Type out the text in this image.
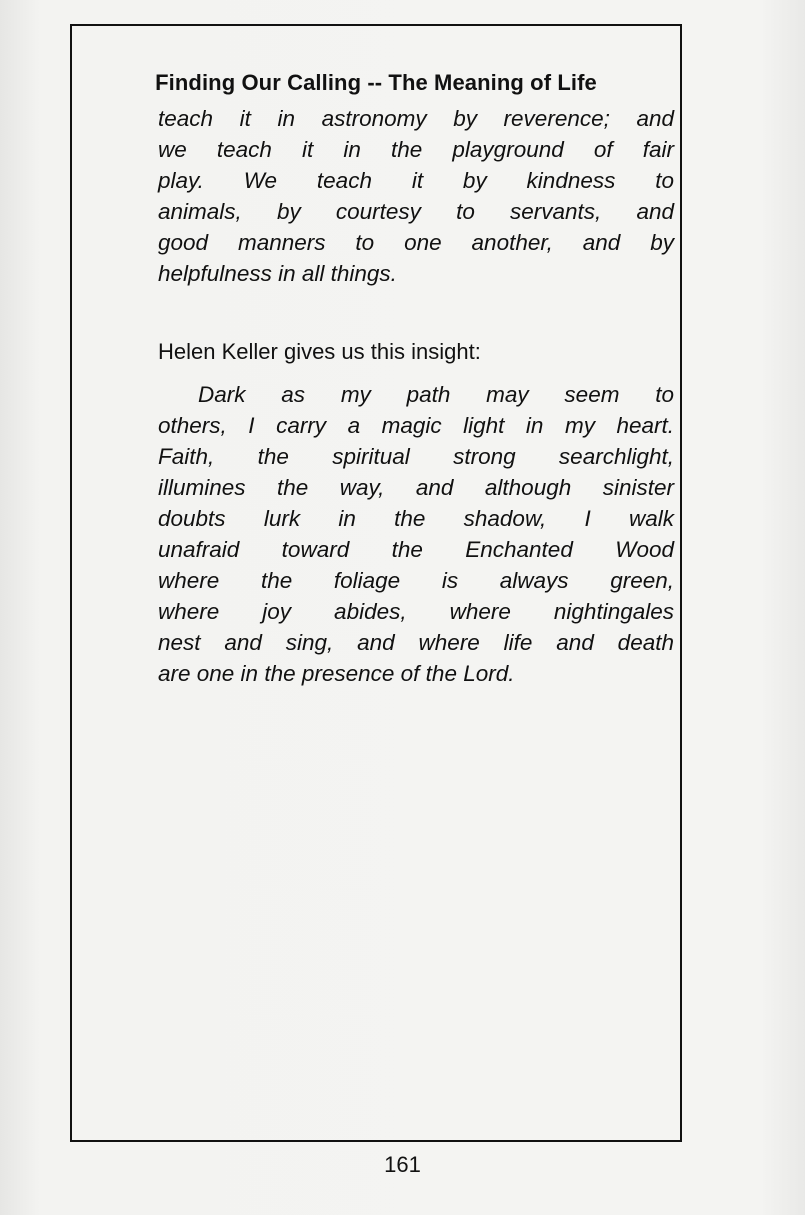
Finding Our Calling -- The Meaning of Life
teach it in astronomy by reverence; and
we teach it in the playground of fair
play. We teach it by kindness to
animals, by courtesy to servants, and
good manners to one another, and by
helpfulness in all things.
Helen Keller gives us this insight:
Dark as my path may seem to
others, I carry a magic light in my heart.
Faith, the spiritual strong searchlight,
illumines the way, and although sinister
doubts lurk in the shadow, I walk
unafraid toward the Enchanted Wood
where the foliage is always green,
where joy abides, where nightingales
nest and sing, and where life and death
are one in the presence of the Lord.
161
